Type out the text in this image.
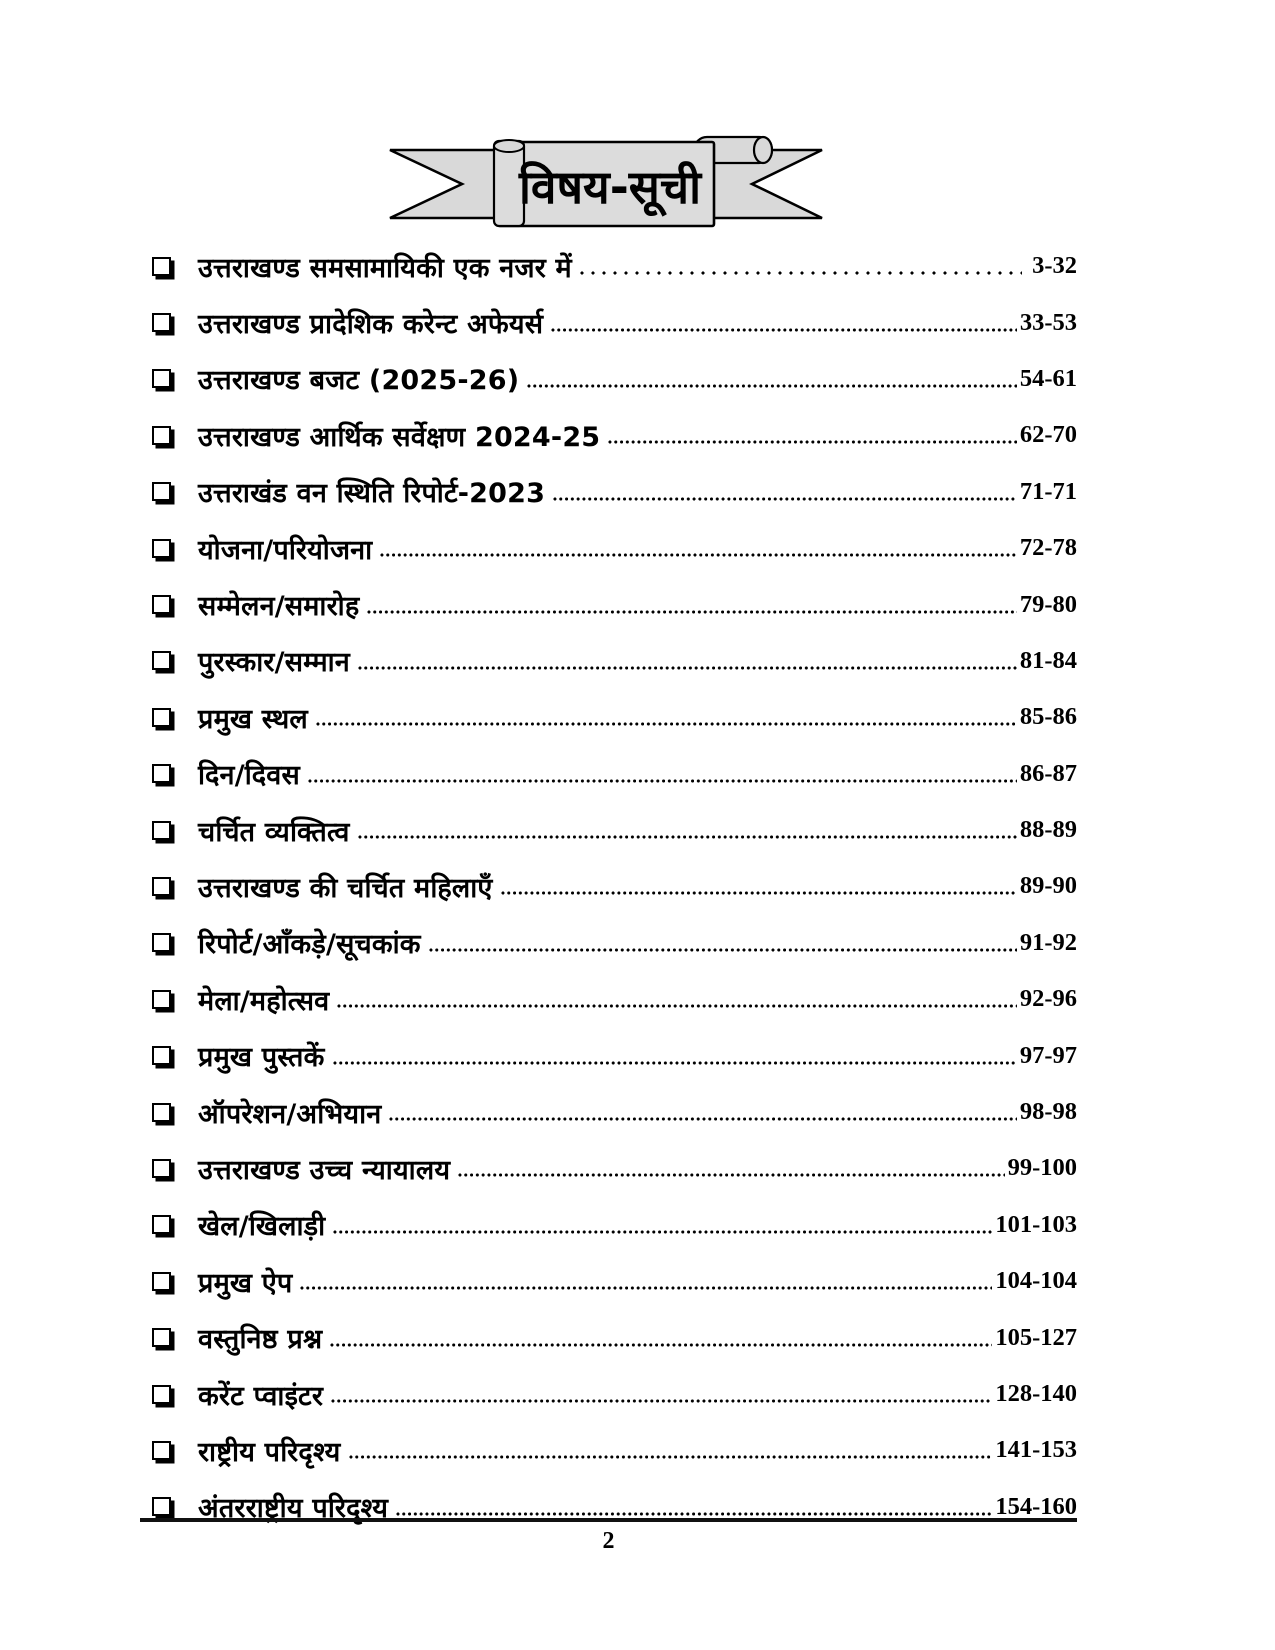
विषय-सूची
उत्तराखण्ड समसामायिकी एक नजर में	3-32
उत्तराखण्ड प्रादेशिक करेन्ट अफेयर्स	33-53
उत्तराखण्ड बजट (2025-26)	54-61
उत्तराखण्ड आर्थिक सर्वेक्षण 2024-25	62-70
उत्तराखंड वन स्थिति रिपोर्ट-2023	71-71
योजना/परियोजना	72-78
सम्मेलन/समारोह	79-80
पुरस्कार/सम्मान	81-84
प्रमुख स्थल	85-86
दिन/दिवस	86-87
चर्चित व्यक्तित्व	88-89
उत्तराखण्ड की चर्चित महिलाएँ	89-90
रिपोर्ट/आँकड़े/सूचकांक	91-92
मेला/महोत्सव	92-96
प्रमुख पुस्तकें	97-97
ऑपरेशन/अभियान	98-98
उत्तराखण्ड उच्च न्यायालय	99-100
खेल/खिलाड़ी	101-103
प्रमुख ऐप	104-104
वस्तुनिष्ठ प्रश्न	105-127
करेंट प्वाइंटर	128-140
राष्ट्रीय परिदृश्य	141-153
अंतरराष्ट्रीय परिदृश्य	154-160
2
